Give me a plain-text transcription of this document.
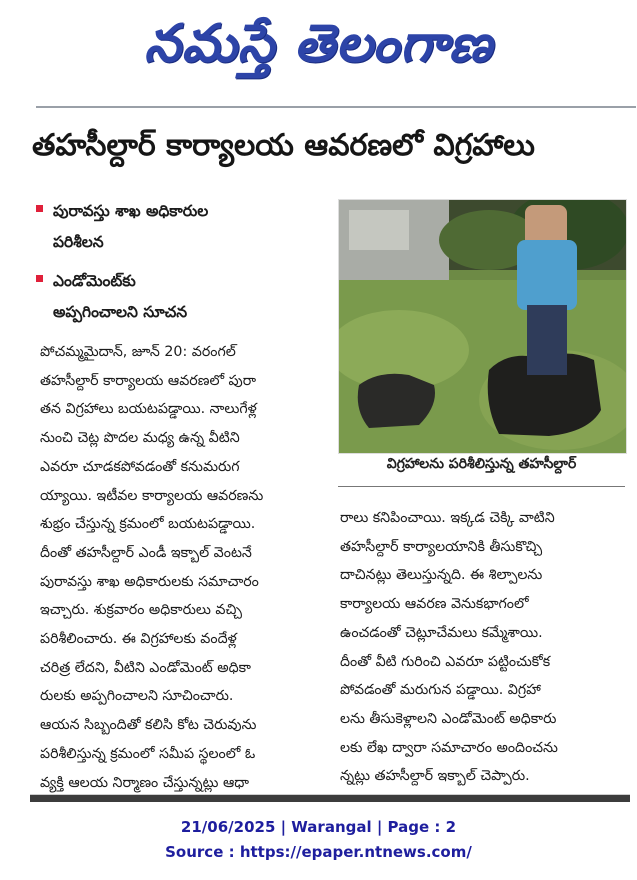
నమస్తే తెలంగాణ
తహసీల్దార్ కార్యాలయ ఆవరణలో విగ్రహాలు
పురావస్తు శాఖ అధికారుల
పరిశీలన
ఎండోమెంట్‌కు
అప్పగించాలని సూచన
విగ్రహాలను పరిశీలిస్తున్న తహసీల్దార్

పోచమ్మమైదాన్, జూన్ 20: వరంగల్
తహసీల్దార్ కార్యాలయ ఆవరణలో పురా
తన విగ్రహాలు బయటపడ్డాయి. నాలుగేళ్ల
నుంచి చెట్ల పొదల మధ్య ఉన్న వీటిని
ఎవరూ చూడకపోవడంతో కనుమరుగ
య్యాయి. ఇటీవల కార్యాలయ ఆవరణను
శుభ్రం చేస్తున్న క్రమంలో బయటపడ్డాయి.
దీంతో తహసీల్దార్ ఎండీ ఇక్బాల్ వెంటనే
పురావస్తు శాఖ అధికారులకు సమాచారం
ఇచ్చారు. శుక్రవారం అధికారులు వచ్చి
పరిశీలించారు. ఈ విగ్రహాలకు వందేళ్ల
చరిత్ర లేదని, వీటిని ఎండోమెంట్ అధికా
రులకు అప్పగించాలని సూచించారు.
ఆయన సిబ్బందితో కలిసి కోట చెరువును
పరిశీలిస్తున్న క్రమంలో సమీప స్థలంలో ఓ
వ్యక్తి ఆలయ నిర్మాణం చేస్తున్నట్లు ఆధా

రాలు కనిపించాయి. ఇక్కడ చెక్కి వాటిని
తహసీల్దార్ కార్యాలయానికి తీసుకొచ్చి
దాచినట్లు తెలుస్తున్నది. ఈ శిల్పాలను
కార్యాలయ ఆవరణ వెనుకభాగంలో
ఉంచడంతో చెట్లూచేమలు కమ్మేశాయి.
దీంతో వీటి గురించి ఎవరూ పట్టించుకోక
పోవడంతో మరుగున పడ్డాయి. విగ్రహా
లను తీసుకెళ్లాలని ఎండోమెంట్ అధికారు
లకు లేఖ ద్వారా సమాచారం అందించను
న్నట్లు తహసీల్దార్ ఇక్బాల్ చెప్పారు.

21/06/2025 | Warangal | Page : 2
Source : https://epaper.ntnews.com/
